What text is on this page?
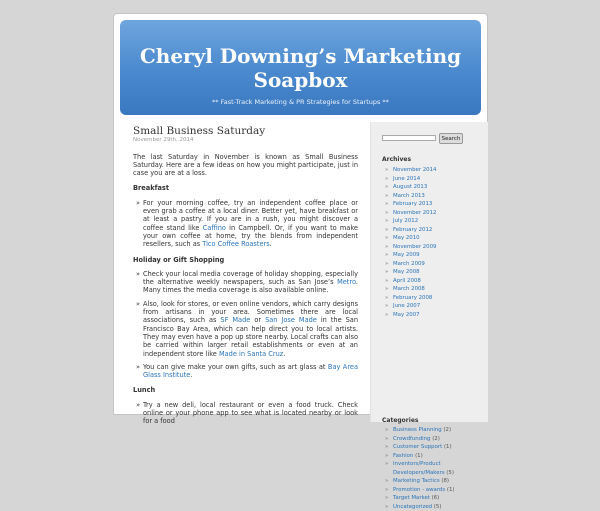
Cheryl Downing’s Marketing Soapbox
** Fast-Track Marketing & PR Strategies for Startups **
Small Business Saturday
November 29th, 2014

The last Saturday in November is known as Small Business Saturday. Here are a few ideas on how you might participate, just in case you are at a loss.

Breakfast

» For your morning coffee, try an independent coffee place or even grab a coffee at a local diner. Better yet, have breakfast or at least a pastry. If you are in a rush, you might discover a coffee stand like Caffino in Campbell. Or, if you want to make your own coffee at home, try the blends from independent resellers, such as Tico Coffee Roasters.

Holiday or Gift Shopping

» Check your local media coverage of holiday shopping, especially the alternative weekly newspapers, such as San Jose’s Metro. Many times the media coverage is also available online.
» Also, look for stores, or even online vendors, which carry designs from artisans in your area. Sometimes there are local associations, such as SF Made or San Jose Made in the San Francisco Bay Area, which can help direct you to local artists. They may even have a pop up store nearby. Local crafts can also be carried within larger retail establishments or even at an independent store like Made in Santa Cruz.
» You can give make your own gifts, such as art glass at Bay Area Glass Institute.

Lunch

» Try a new deli, local restaurant or even a food truck. Check online or your phone app to see what is located nearby or look for a food
Search
Archives
» November 2014
» June 2014
» August 2013
» March 2013
» February 2013
» November 2012
» July 2012
» February 2012
» May 2010
» November 2009
» May 2009
» March 2009
» May 2008
» April 2008
» March 2008
» February 2008
» June 2007
» May 2007
Categories
» Business Planning (2)
» Crowdfunding (2)
» Customer Support (1)
» Fashion (1)
» Inventors/Product Developers/Makers (5)
» Marketing Tactics (8)
» Promotion - awards (1)
» Target Market (6)
» Uncategorized (5)
